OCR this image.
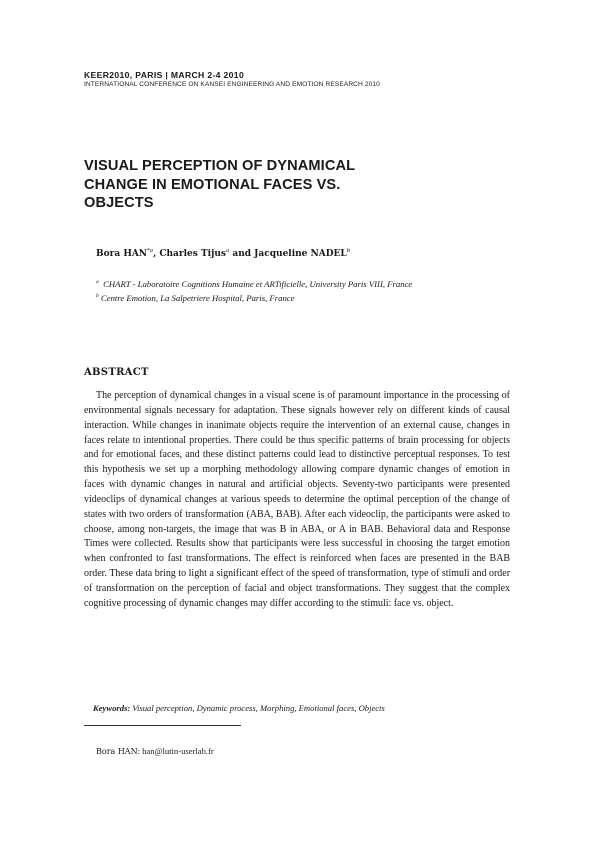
KEER2010, PARIS | MARCH 2-4 2010
INTERNATIONAL CONFERENCE ON KANSEI ENGINEERING AND EMOTION RESEARCH 2010
VISUAL PERCEPTION OF DYNAMICAL
CHANGE IN EMOTIONAL FACES VS.
OBJECTS
Bora HAN$^{*a}$, Charles Tijus$^a$ and Jacqueline NADEL$^b$
$^a$ CHART - Laboratoire Cognitions Humaine et ARTificielle, University Paris VIII, France
$^b$ Centre Emotion, La Salpetriere Hospital, Paris, France
ABSTRACT

The perception of dynamical changes in a visual scene is of paramount importance in the processing of environmental signals necessary for adaptation. These signals however rely on different kinds of causal interaction. While changes in inanimate objects require the intervention of an external cause, changes in faces relate to intentional properties. There could be thus specific patterns of brain processing for objects and for emotional faces, and these distinct patterns could lead to distinctive perceptual responses. To test this hypothesis we set up a morphing methodology allowing compare dynamic changes of emotion in faces with dynamic changes in natural and artificial objects. Seventy-two participants were presented videoclips of dynamical changes at various speeds to determine the optimal perception of the change of states with two orders of transformation (ABA, BAB). After each videoclip, the participants were asked to choose, among non-targets, the image that was B in ABA, or A in BAB. Behavioral data and Response Times were collected. Results show that participants were less successful in choosing the target emotion when confronted to fast transformations. The effect is reinforced when faces are presented in the BAB order. These data bring to light a significant effect of the speed of transformation, type of stimuli and order of transformation on the perception of facial and object transformations. They suggest that the complex cognitive processing of dynamic changes may differ according to the stimuli: face vs. object.

Keywords: Visual perception, Dynamic process, Morphing, Emotional faces, Objects
Bora HAN: han@lutin-userlab.fr
